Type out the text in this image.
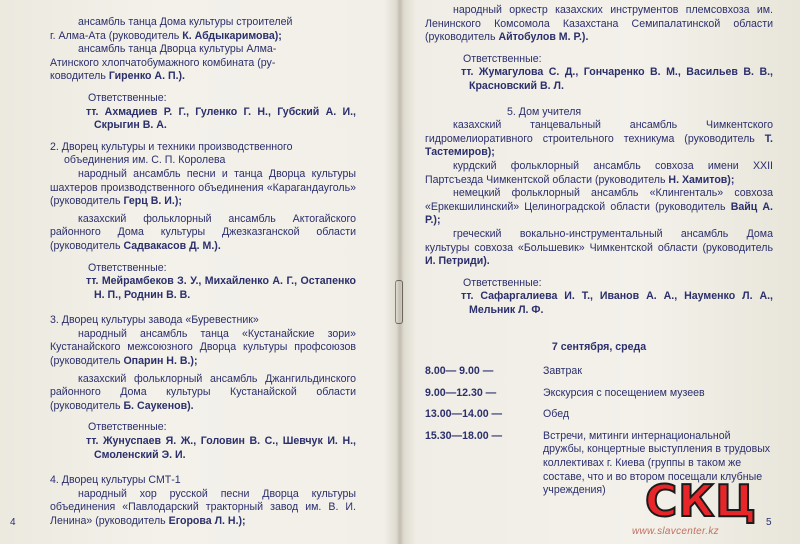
ансамбль танца Дома культуры строителей

г. Алма-Ата (руководитель К. Абдыкаримова);

ансамбль танца Дворца культуры Алма-

Атинского хлопчатобумажного комбината (ру-

ководитель Гиренко А. П.).

Ответственные:

тт. Ахмадиев Р. Г., Гуленко Г. Н., Губский А. И., Скрыгин В. А.

2. Дворец культуры и техники производственного объединения им. С. П. Королева

народный ансамбль песни и танца Дворца культуры шахтеров производственного объединения «Карагандауголь» (руководитель Герц В. И.);

казахский фольклорный ансамбль Актогайского районного Дома культуры Джезказганской области (руководитель Садвакасов Д. М.).

Ответственные:

тт. Мейрамбеков З. У., Михайленко А. Г., Остапенко Н. П., Роднин В. В.

3. Дворец культуры завода «Буревестник»

народный ансамбль танца «Кустанайские зори» Кустанайского межсоюзного Дворца культуры профсоюзов (руководитель Опарин Н. В.);

казахский фольклорный ансамбль Джангильдинского районного Дома культуры Кустанайской области (руководитель Б. Саукенов).

Ответственные:

тт. Жунуспаев Я. Ж., Головин В. С., Шевчук И. Н., Смоленский Э. И.

4. Дворец культуры СМТ-1

народный хор русской песни Дворца культуры объединения «Павлодарский тракторный завод им. В. И. Ленина» (руководитель Егорова Л. Н.);

4

народный оркестр казахских инструментов племсовхоза им. Ленинского Комсомола Казахстана Семипалатинской области (руководитель Айтобулов М. Р.).

Ответственные:

тт. Жумагулова С. Д., Гончаренко В. М., Васильев В. В., Красновский В. Л.

5. Дом учителя

казахский танцевальный ансамбль Чимкентского гидромелиоративного строительного техникума (руководитель Т. Тастемиров);

курдский фольклорный ансамбль совхоза имени XXII Партсъезда Чимкентской области (руководитель Н. Хамитов);

немецкий фольклорный ансамбль «Клингенталь» совхоза «Еркекшилинский» Целиноградской области (руководитель Вайц А. Р.);

греческий вокально-инструментальный ансамбль Дома культуры совхоза «Большевик» Чимкентской области (руководитель И. Петриди).

Ответственные:

тт. Сафаргалиева И. Т., Иванов А. А., Науменко Л. А., Мельник Л. Ф.

7 сентября, среда

8.00— 9.00 —	Завтрак
9.00—12.30 —	Экскурсия с посещением музеев
13.00—14.00 —	Обед
15.30—18.00 —	Встречи, митинги интернациональной дружбы, концертные выступления в трудовых коллективах г. Киева (группы в таком же составе, что и во втором посещали клубные учреждения)
5
СКЦ
www.slavcenter.kz
